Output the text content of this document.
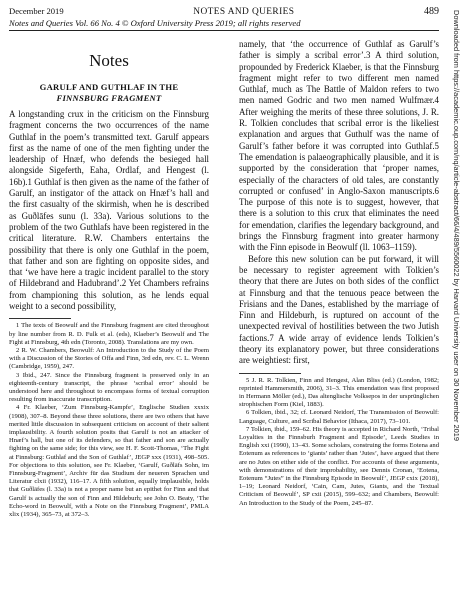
December 2019	NOTES AND QUERIES	489
Notes and Queries Vol. 66 No. 4 © Oxford University Press 2019; all rights reserved
Notes
GARULF AND GUTHLAF IN THE
FINNSBURG FRAGMENT

A longstanding crux in the criticism on the Finnsburg fragment concerns the two occurrences of the name Guthlaf in the poem’s transmitted text. Garulf appears first as the name of one of the men fighting under the leadership of Hnæf, who defends the besieged hall alongside Sigeferth, Eaha, Ordlaf, and Hengest (l. 16b).1 Guthlaf is then given as the name of the father of Garulf, an instigator of the attack on Hnæf’s hall and the first casualty of the skirmish, when he is described as Guðlāfes sunu (l. 33a). Various solutions to the problem of the two Guthlafs have been registered in the critical literature. R.W. Chambers entertains the possibility that there is only one Guthlaf in the poem, that father and son are fighting on opposite sides, and that ‘we have here a tragic incident parallel to the story of Hildebrand and Hadubrand’.2 Yet Chambers refrains from championing this solution, as he lends equal weight to a second possibility,

1 The texts of Beowulf and the Finnsburg fragment are cited throughout by line number from R. D. Fulk et al. (eds), Klaeber’s Beowulf and The Fight at Finnsburg, 4th edn (Toronto, 2008). Translations are my own.

2 R. W. Chambers, Beowulf: An Introduction to the Study of the Poem with a Discussion of the Stories of Offa and Finn, 3rd edn, rev. C. L. Wrenn (Cambridge, 1959), 247.

3 Ibid., 247. Since the Finnsburg fragment is preserved only in an eighteenth-century transcript, the phrase ‘scribal error’ should be understood here and throughout to encompass forms of textual corruption resulting from inaccurate transcription.

4 Fr. Klaeber, ‘Zum Finnsburg-Kampfe’, Englische Studien xxxix (1908), 307–8. Beyond these three solutions, there are two others that have merited little discussion in subsequent criticism on account of their salient implausibility. A fourth solution posits that Garulf is not an attacker of Hnæf’s hall, but one of its defenders, so that father and son are actually fighting on the same side; for this view, see H. F. Scott-Thomas, ‘The Fight at Finnsburg: Guthlaf and the Son of Guthlaf’, JEGP xxx (1931), 498–505. For objections to this solution, see Fr. Klaeber, ‘Garulf, Guðlāfs Sohn, im Finnsburg-Fragment’, Archiv für das Studium der neueren Sprachen und Literatur clxii (1932), 116–17. A fifth solution, equally implausible, holds that Guðlāfes (l. 33a) is not a proper name but an epithet for Finn and that Garulf is actually the son of Finn and Hildeburh; see John O. Beaty, ‘The Echo-word in Beowulf, with a Note on the Finnsburg Fragment’, PMLA xlix (1934), 365–73, at 372–3.

namely, that ‘the occurrence of Guthlaf as Garulf’s father is simply a scribal error’.3 A third solution, propounded by Frederick Klaeber, is that the Finnsburg fragment might refer to two different men named Guthlaf, much as The Battle of Maldon refers to two men named Godric and two men named Wulfmær.4 After weighing the merits of these three solutions, J. R. R. Tolkien concludes that scribal error is the likeliest explanation and argues that Guthulf was the name of Garulf’s father before it was corrupted into Guthlaf.5 The emendation is palaeographically plausible, and it is supported by the consideration that ‘proper names, especially of the characters of old tales, are constantly corrupted or confused’ in Anglo-Saxon manuscripts.6 The purpose of this note is to suggest, however, that there is a solution to this crux that eliminates the need for emendation, clarifies the legendary background, and brings the Finnsburg fragment into greater harmony with the Finn episode in Beowulf (ll. 1063–1159).

Before this new solution can be put forward, it will be necessary to register agreement with Tolkien’s theory that there are Jutes on both sides of the conflict at Finnsburg and that the tenuous peace between the Frisians and the Danes, established by the marriage of Finn and Hildeburh, is ruptured on account of the unexpected revival of hostilities between the two Jutish factions.7 A wide array of evidence lends Tolkien’s theory its explanatory power, but three considerations are weightiest: first,

5 J. R. R. Tolkien, Finn and Hengest, Alan Bliss (ed.) (London, 1982; reprinted Hammersmith, 2006), 31–3. This emendation was first proposed in Hermann Möller (ed.), Das altenglische Volksepos in der ursprünglichen strophischen Form (Kiel, 1883).

6 Tolkien, ibid., 32; cf. Leonard Neidorf, The Transmission of Beowulf: Language, Culture, and Scribal Behavior (Ithaca, 2017), 73–101.

7 Tolkien, ibid., 159–62. His theory is accepted in Richard North, ‘Tribal Loyalties in the Finnsburh Fragment and Episode’, Leeds Studies in English xxi (1990), 13–43. Some scholars, construing the forms Eotena and Eotenum as references to ‘giants’ rather than ‘Jutes’, have argued that there are no Jutes on either side of the conflict. For accounts of these arguments, with demonstrations of their improbability, see Dennis Cronan, ‘Eotena, Eotenum “Jutes” in the Finnsburg Episode in Beowulf’, JEGP cxix (2018), 1–19; Leonard Neidorf, ‘Cain, Cam, Jutes, Giants, and the Textual Criticism of Beowulf’, SP cxii (2015), 599–632; and Chambers, Beowulf: An Introduction to the Study of the Poem, 245–87.

Downloaded from https://academic.oup.com/nq/article-abstract/66/4/489/5560022 by Harvard University user on 30 November 2019
